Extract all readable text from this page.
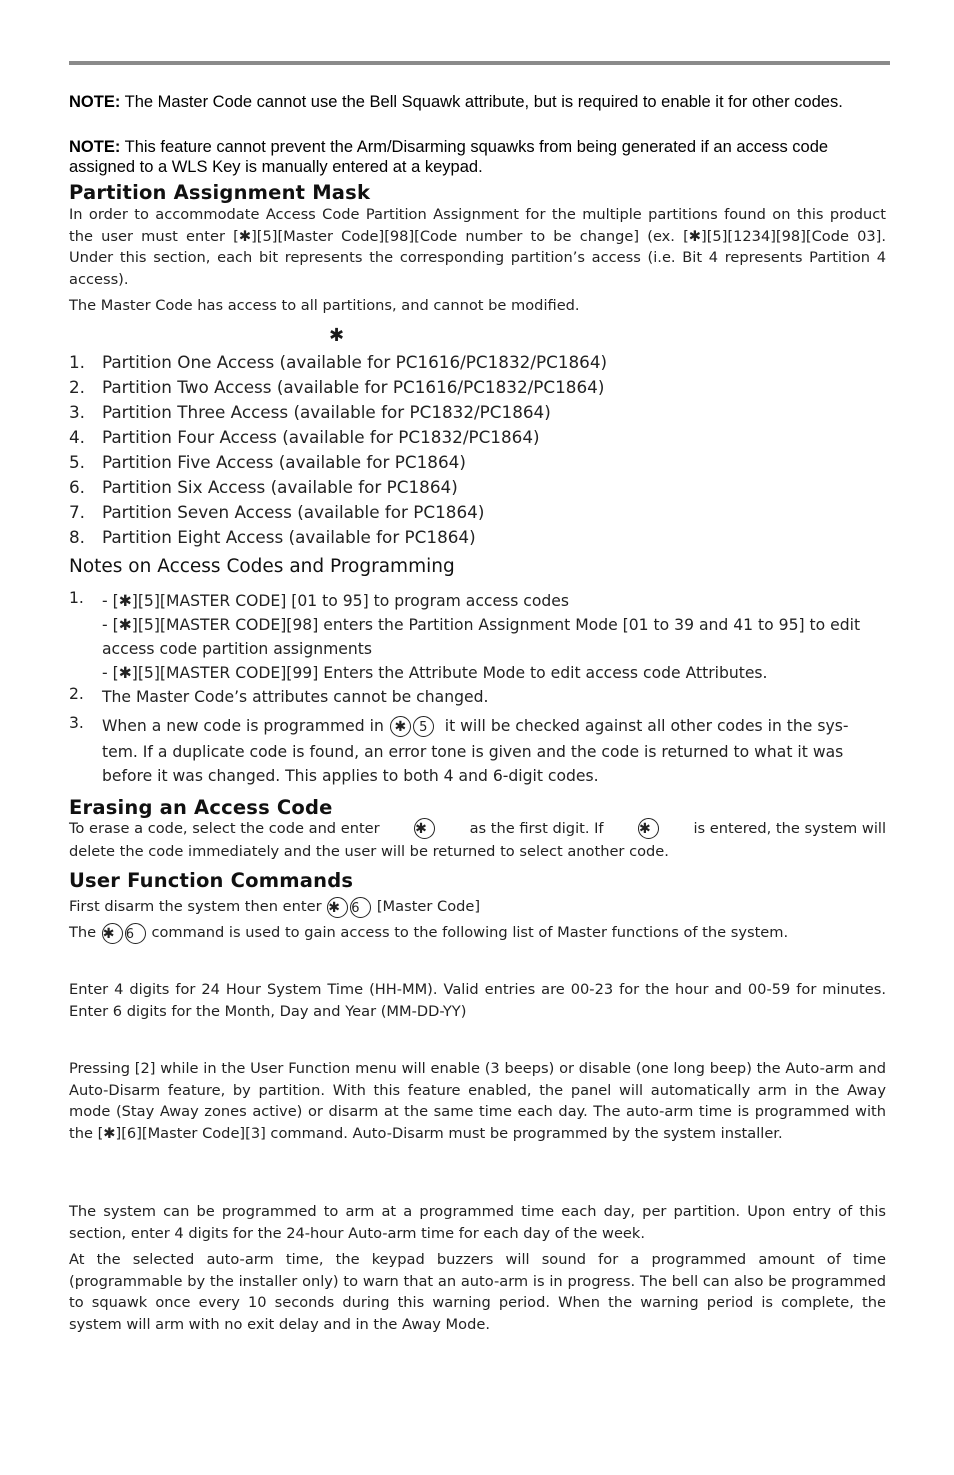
NOTE: The Master Code cannot use the Bell Squawk attribute, but is required to enable it for other codes.
NOTE: This feature cannot prevent the Arm/Disarming squawks from being generated if an access code assigned to a WLS Key is manually entered at a keypad.
Partition Assignment Mask
In order to accommodate Access Code Partition Assignment for the multiple partitions found on this product the user must enter [✱][5][Master Code][98][Code number to be change] (ex. [✱][5][1234][98][Code 03]. Under this section, each bit represents the corresponding partition’s access (i.e. Bit 4 represents Partition 4 access).
The Master Code has access to all partitions, and cannot be modified.
✱
1. Partition One Access (available for PC1616/PC1832/PC1864)
2. Partition Two Access (available for PC1616/PC1832/PC1864)
3. Partition Three Access (available for PC1832/PC1864)
4. Partition Four Access (available for PC1832/PC1864)
5. Partition Five Access (available for PC1864)
6. Partition Six Access (available for PC1864)
7. Partition Seven Access (available for PC1864)
8. Partition Eight Access (available for PC1864)
Notes on Access Codes and Programming
1. - [✱][5][MASTER CODE] [01 to 95] to program access codes
- [✱][5][MASTER CODE][98] enters the Partition Assignment Mode [01 to 39 and 41 to 95] to edit
access code partition assignments
- [✱][5][MASTER CODE][99] Enters the Attribute Mode to edit access code Attributes.
2. The Master Code’s attributes cannot be changed.
3. When a new code is programmed in ✱ 5 it will be checked against all other codes in the sys-
tem. If a duplicate code is found, an error tone is given and the code is returned to what it was
before it was changed. This applies to both 4 and 6-digit codes.
Erasing an Access Code
To erase a code, select the code and enter	✱	as the first digit. If	✱	is entered, the system will
delete the code immediately and the user will be returned to select another code.
User Function Commands
First disarm the system then enter ✱ 6 [Master Code]
The ✱ 6 command is used to gain access to the following list of Master functions of the system.
Enter 4 digits for 24 Hour System Time (HH-MM). Valid entries are 00-23 for the hour and 00-59 for minutes. Enter 6 digits for the Month, Day and Year (MM-DD-YY)
Pressing [2] while in the User Function menu will enable (3 beeps) or disable (one long beep) the Auto-arm and Auto-Disarm feature, by partition. With this feature enabled, the panel will automatically arm in the Away mode (Stay Away zones active) or disarm at the same time each day. The auto-arm time is programmed with the [✱][6][Master Code][3] command. Auto-Disarm must be programmed by the system installer.
The system can be programmed to arm at a programmed time each day, per partition. Upon entry of this section, enter 4 digits for the 24-hour Auto-arm time for each day of the week.
At the selected auto-arm time, the keypad buzzers will sound for a programmed amount of time (programmable by the installer only) to warn that an auto-arm is in progress. The bell can also be programmed to squawk once every 10 seconds during this warning period. When the warning period is complete, the system will arm with no exit delay and in the Away Mode.
